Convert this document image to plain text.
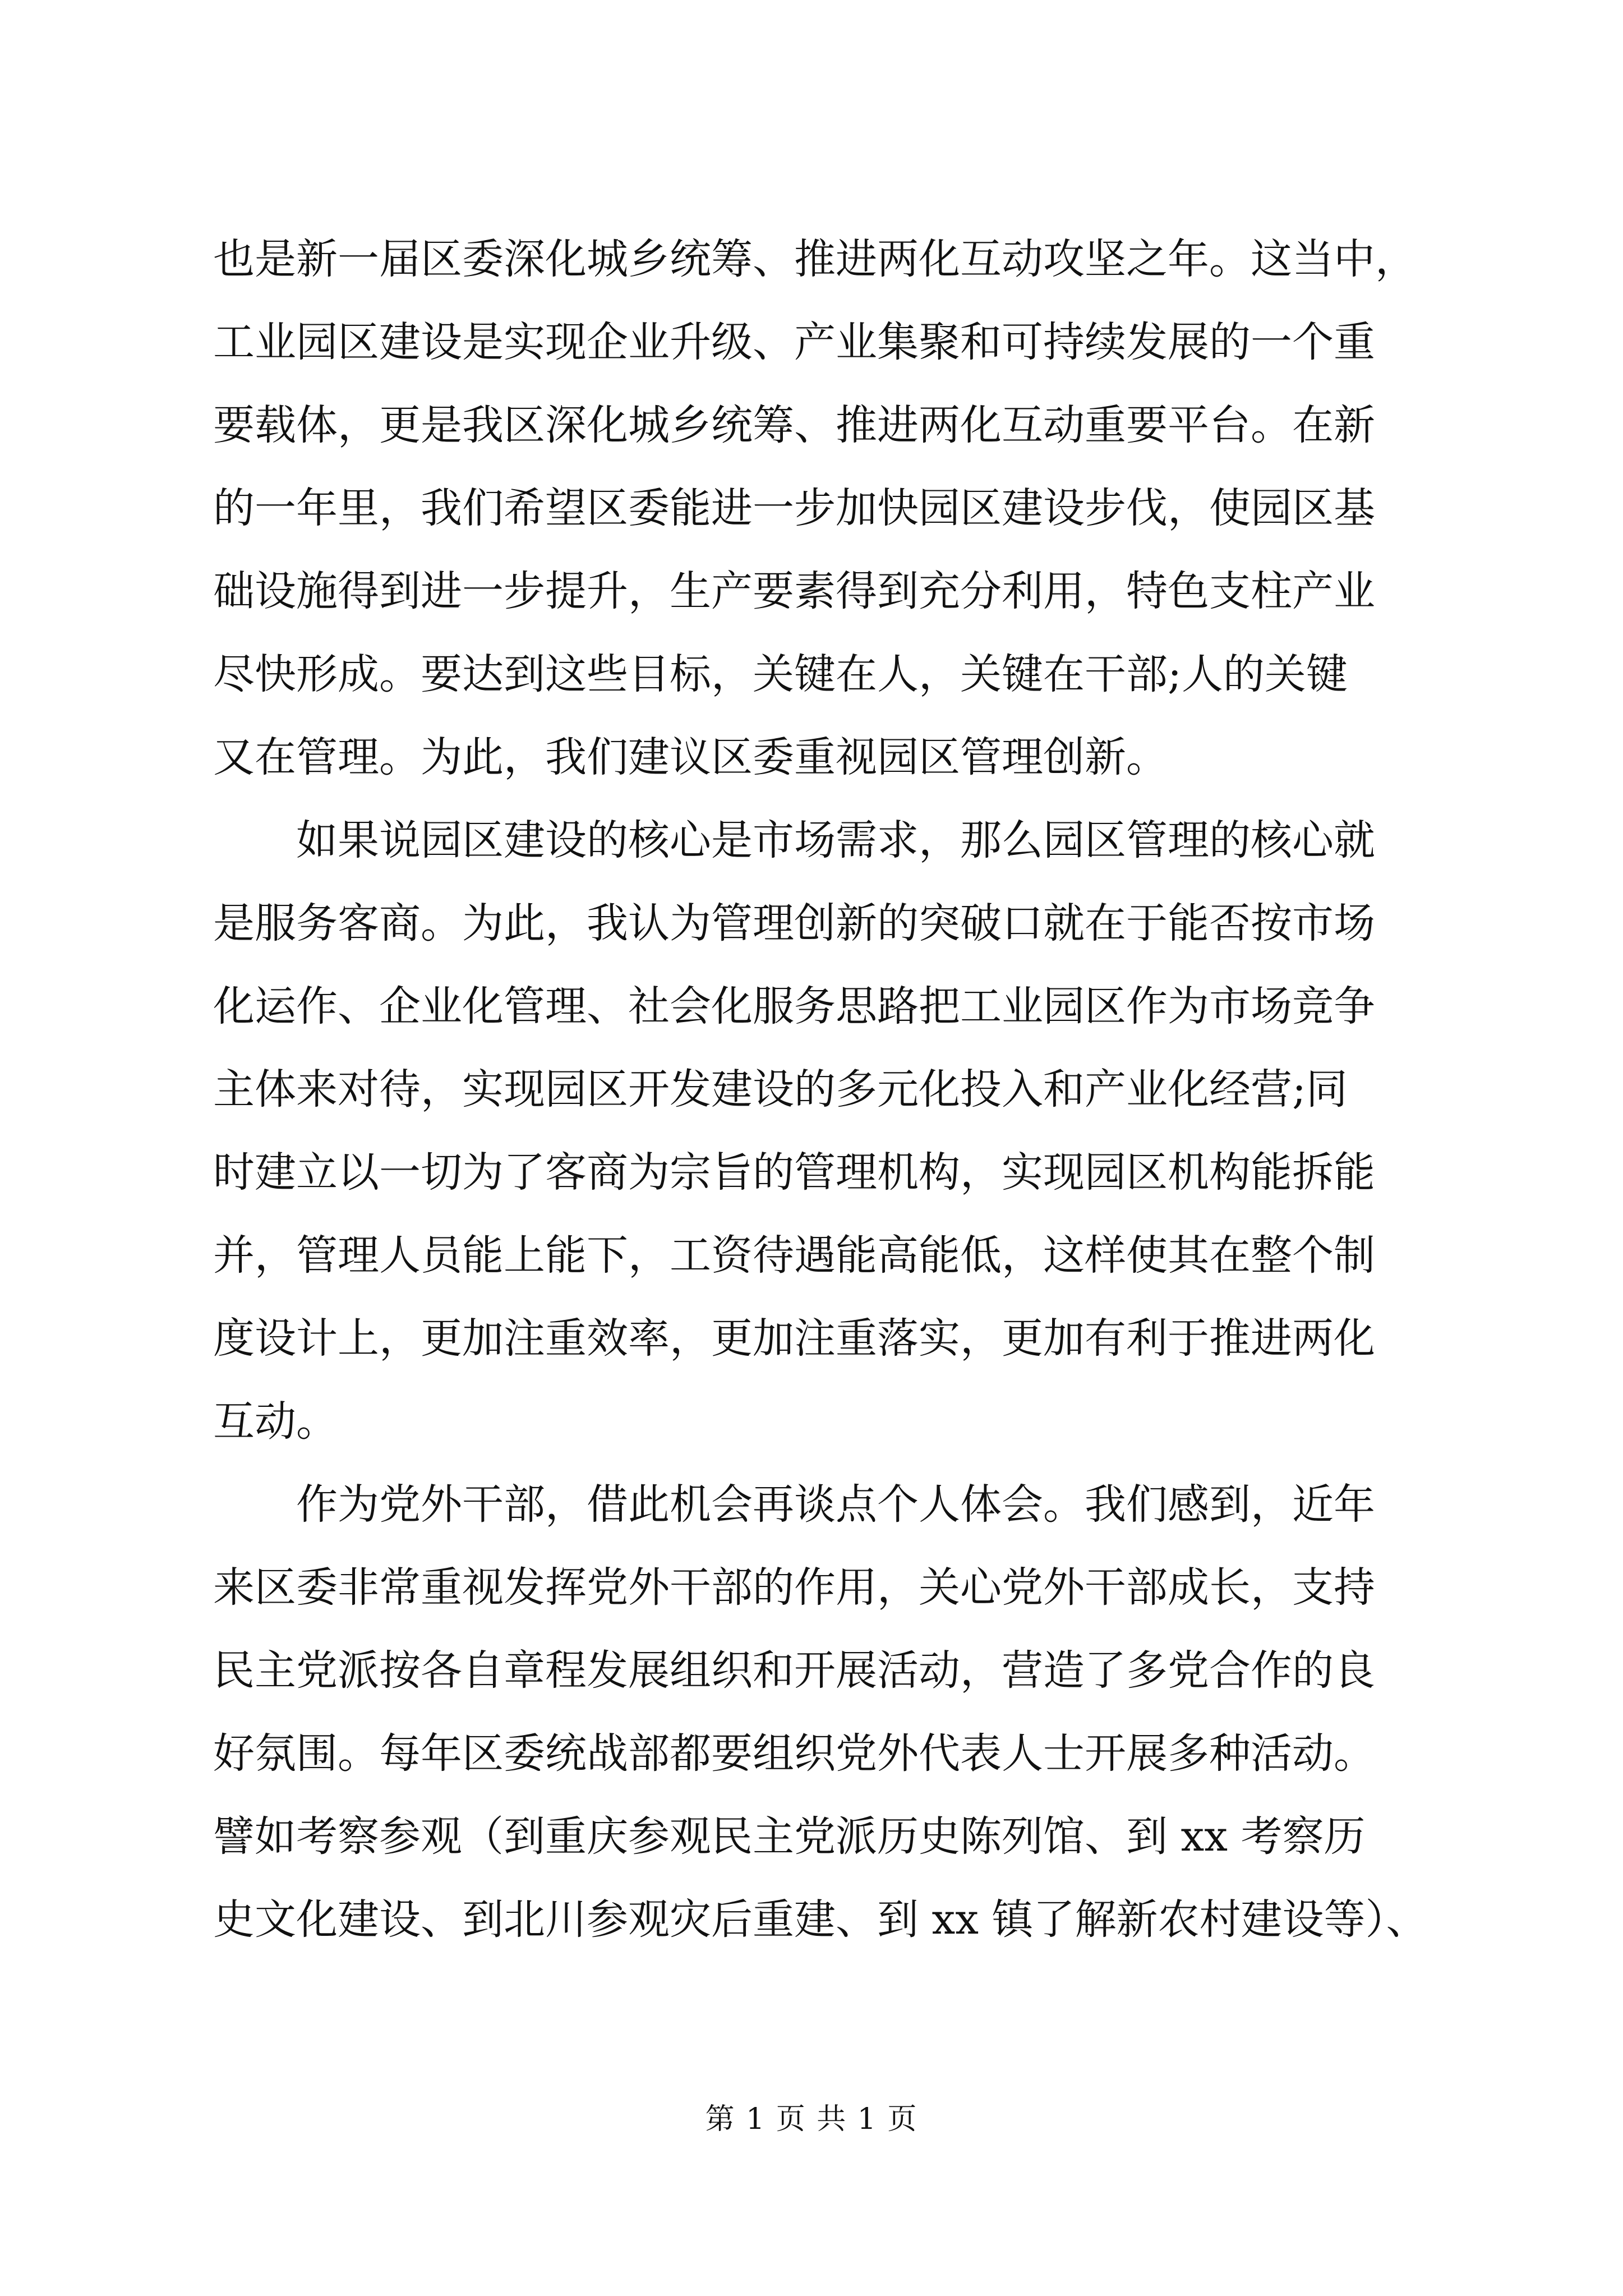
也是新一届区委深化城乡统筹、推进两化互动攻坚之年。这当中，
工业园区建设是实现企业升级、产业集聚和可持续发展的一个重
要载体，更是我区深化城乡统筹、推进两化互动重要平台。在新
的一年里，我们希望区委能进一步加快园区建设步伐，使园区基
础设施得到进一步提升，生产要素得到充分利用，特色支柱产业
尽快形成。要达到这些目标，关键在人，关键在干部;人的关键
又在管理。为此，我们建议区委重视园区管理创新。
　　如果说园区建设的核心是市场需求，那么园区管理的核心就
是服务客商。为此，我认为管理创新的突破口就在于能否按市场
化运作、企业化管理、社会化服务思路把工业园区作为市场竞争
主体来对待，实现园区开发建设的多元化投入和产业化经营;同
时建立以一切为了客商为宗旨的管理机构，实现园区机构能拆能
并，管理人员能上能下，工资待遇能高能低，这样使其在整个制
度设计上，更加注重效率，更加注重落实，更加有利于推进两化
互动。
　　作为党外干部，借此机会再谈点个人体会。我们感到，近年
来区委非常重视发挥党外干部的作用，关心党外干部成长，支持
民主党派按各自章程发展组织和开展活动，营造了多党合作的良
好氛围。每年区委统战部都要组织党外代表人士开展多种活动。
譬如考察参观（到重庆参观民主党派历史陈列馆、到 xx 考察历
史文化建设、到北川参观灾后重建、到 xx 镇了解新农村建设等）、
第 1 页 共 1 页
